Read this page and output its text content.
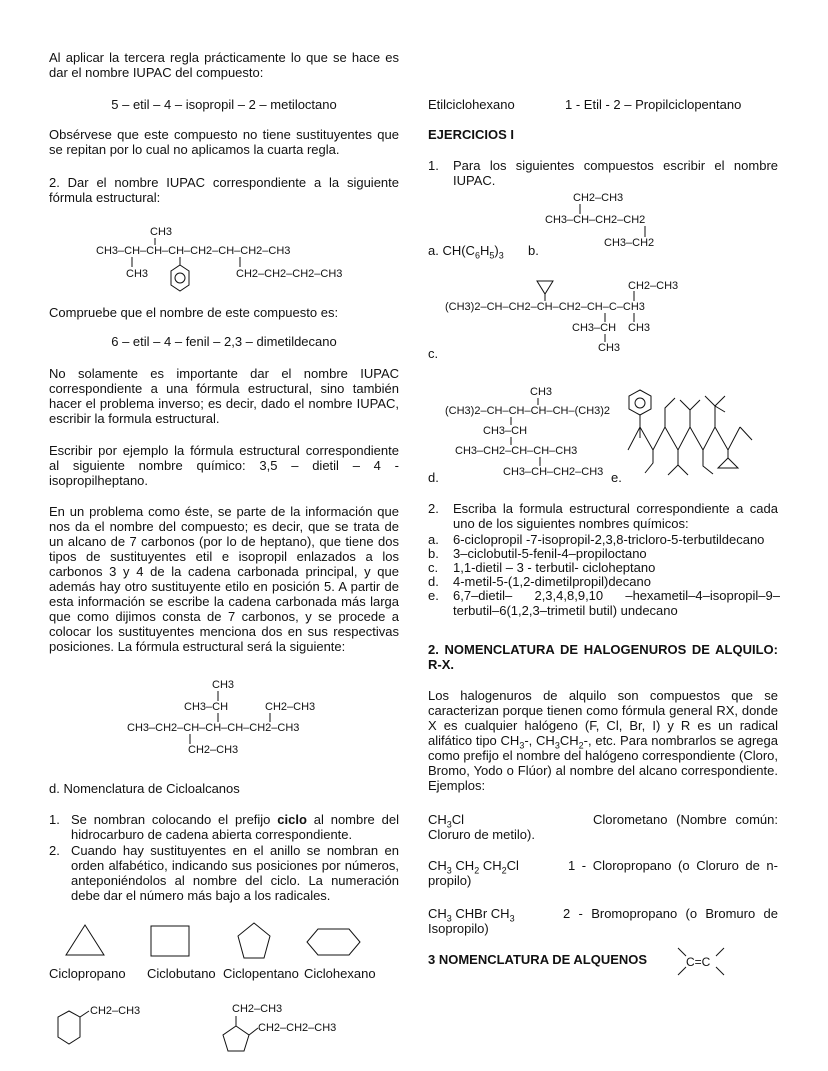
Al aplicar la tercera regla prácticamente lo que se hace es dar el nombre IUPAC del compuesto:

5 – etil – 4 – isopropil – 2 – metiloctano

Obsérvese que este compuesto no tiene sustituyentes que se repitan por lo cual no aplicamos la cuarta regla.

2. Dar el nombre IUPAC correspondiente a la siguiente fórmula estructural:

CH3
CH3–CH–CH–CH–CH2–CH–CH2–CH3
CH3	CH2–CH2–CH2–CH3

Compruebe que el nombre de este compuesto es:

6 – etil – 4 – fenil – 2,3 – dimetildecano

No solamente es importante dar el nombre IUPAC correspondiente a una fórmula estructural, sino también hacer el problema inverso; es decir, dado el nombre IUPAC, escribir la formula estructural.

Escribir por ejemplo la fórmula estructural correspondiente al siguiente nombre químico: 3,5 – dietil – 4 -isopropilheptano.

En un problema como éste, se parte de la información que nos da el nombre del compuesto; es decir, que se trata de un alcano de 7 carbonos (por lo de heptano), que tiene dos tipos de sustituyentes etil e isopropil enlazados a los carbonos 3 y 4 de la cadena carbonada principal, y que además hay otro sustituyente etilo en posición 5. A partir de esta información se escribe la cadena carbonada más larga que como dijimos consta de 7 carbonos, y se procede a colocar los sustituyentes menciona dos en sus respectivas posiciones. La fórmula estructural será la siguiente:

CH3
CH3–CH	CH2–CH3
CH3–CH2–CH–CH–CH–CH2–CH3
CH2–CH3

d. Nomenclatura de Cicloalcanos

1. Se nombran colocando el prefijo ciclo al nombre del hidrocarburo de cadena abierta correspondiente.
2. Cuando hay sustituyentes en el anillo se nombran en orden alfabético, indicando sus posiciones por números, anteponiéndolos al nombre del ciclo. La numeración debe dar el número más bajo a los radicales.
Ciclopropano Ciclobutano Ciclopentano Ciclohexano
CH2–CH3	CH2–CH3
CH2–CH2–CH3
Etilciclohexano	1 - Etil - 2 – Propilciclopentano
EJERCICIOS I
1. Para los siguientes compuestos escribir el nombre IUPAC.
CH2–CH3
CH3–CH–CH2–CH2
CH3–CH2
a. $CH(C_6H_5)_3$ b.
CH2–CH3
(CH3)2–CH–CH2–CH–CH2–CH–C–CH3
CH3–CH CH3
CH3
c.
CH3
(CH3)2–CH–CH–CH–CH–(CH3)2
CH3–CH
CH3–CH2–CH–CH–CH3
CH3–CH–CH2–CH3
d.	e.
2. Escriba la formula estructural correspondiente a cada uno de los siguientes nombres químicos:
a. 6-ciclopropil -7-isopropil-2,3,8-tricloro-5-terbutildecano
b. 3–ciclobutil-5-fenil-4–propiloctano
c. 1,1-dietil – 3 - terbutil- cicloheptano
d. 4-metil-5-(1,2-dimetilpropil)decano
e. 6,7–dietil– 2,3,4,8,9,10 –hexametil–4–isopropil–9–terbutil–6(1,2,3–trimetil butil) undecano

2. NOMENCLATURA DE HALOGENUROS DE ALQUILO: R-X.

Los halogenuros de alquilo son compuestos que se caracterizan porque tienen como fórmula general RX, donde X es cualquier halógeno (F, Cl, Br, I) y R es un radical alifático tipo $CH_3-$, $CH_3CH_2-$, etc. Para nombrarlos se agrega como prefijo el nombre del halógeno correspondiente (Cloro, Bromo, Yodo o Flúor) al nombre del alcano correspondiente. Ejemplos:

$CH_3Cl$	Clorometano (Nombre común: Cloruro de metilo).

$CH_3$ $CH_2$ $CH_2Cl$	1 - Cloropropano (o Cloruro de n-propilo)

$CH_3$ CHBr $CH_3$	2 - Bromopropano (o Bromuro de Isopropilo)

3 NOMENCLATURA DE ALQUENOS	C=C
